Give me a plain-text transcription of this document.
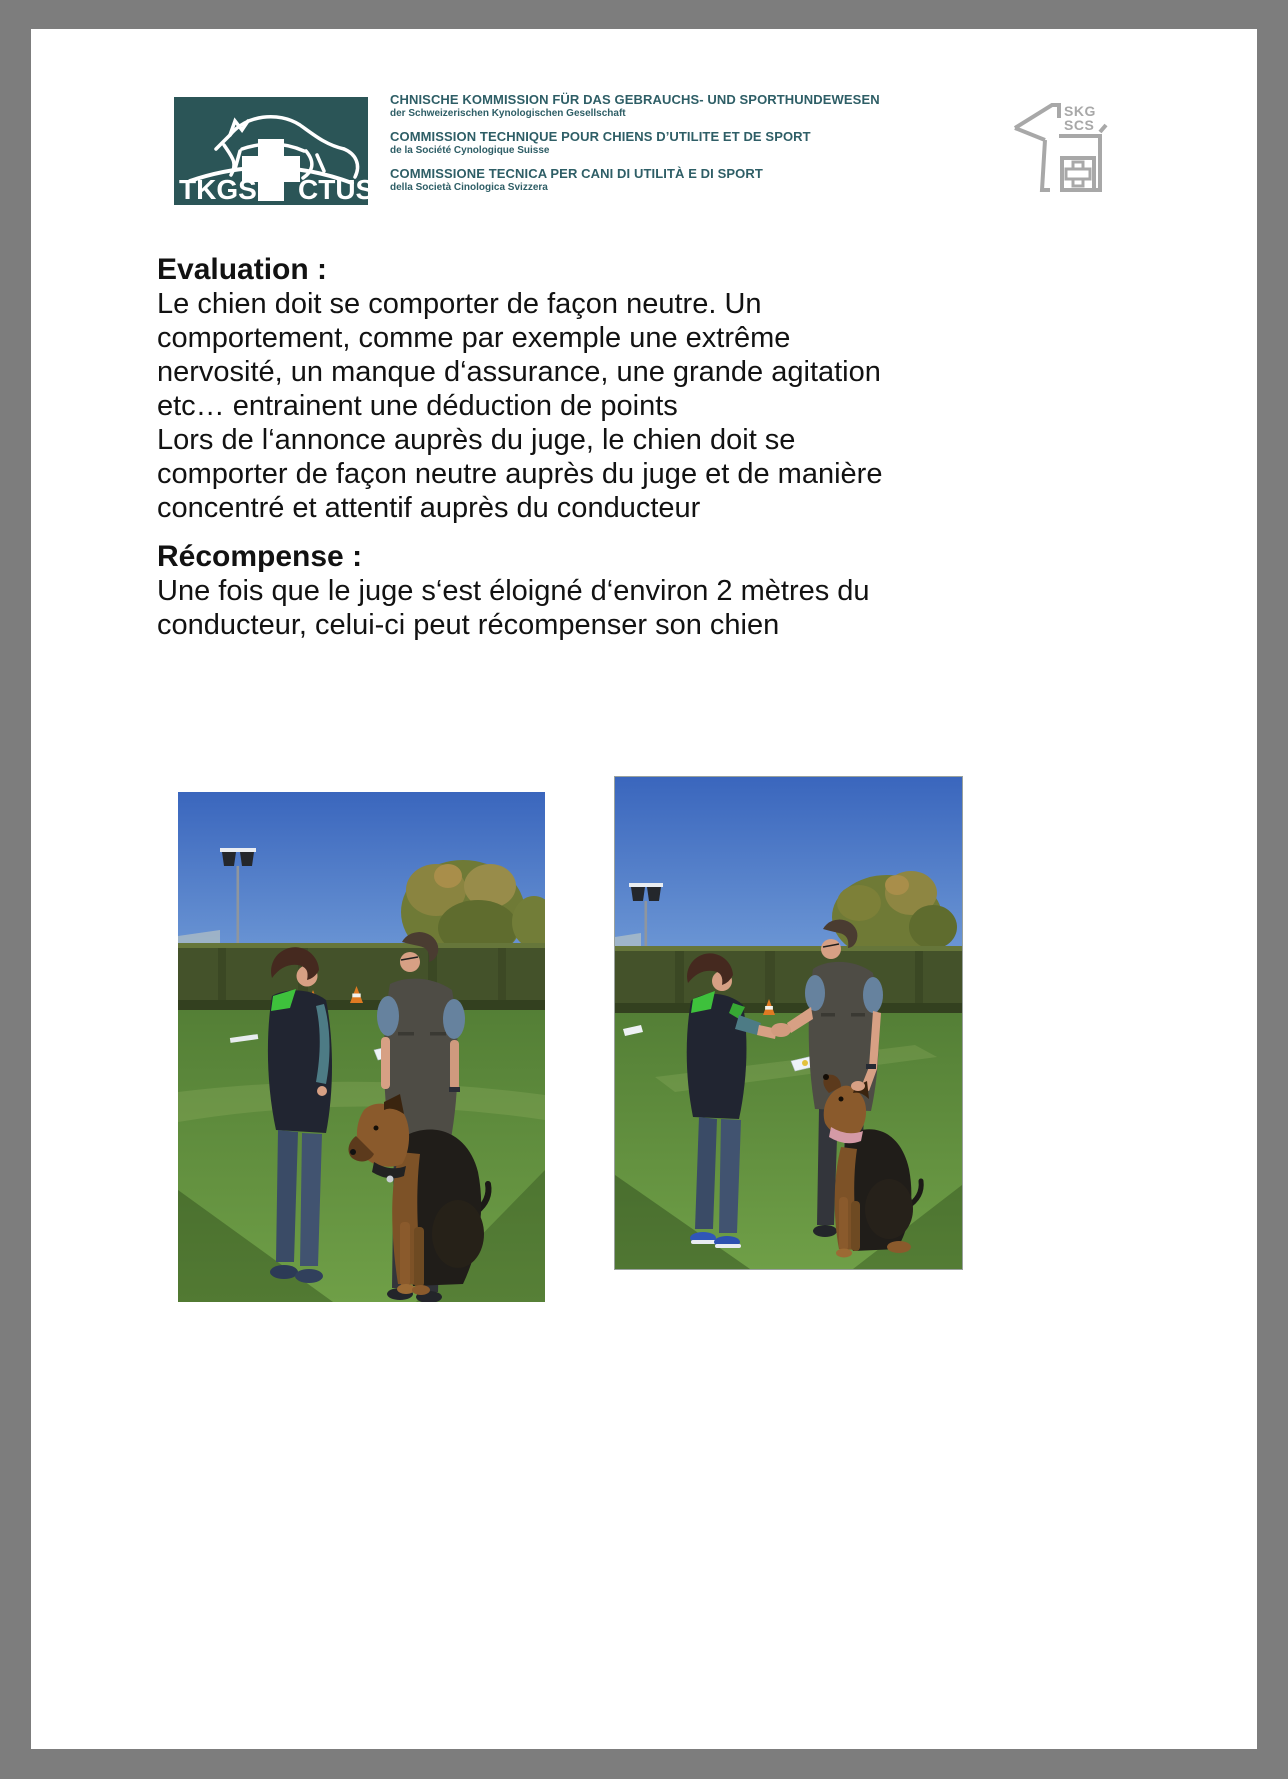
TKGS CTUS
CHNISCHE KOMMISSION FÜR DAS GEBRAUCHS- UND SPORTHUNDEWESEN
der Schweizerischen Kynologischen Gesellschaft
COMMISSION TECHNIQUE POUR CHIENS D’UTILITE ET DE SPORT
de la Société Cynologique Suisse
COMMISSIONE TECNICA PER CANI DI UTILITÀ E DI SPORT
della Società Cinologica Svizzera
SKG
SCS
Evaluation :
Le chien doit se comporter de façon neutre. Un
comportement, comme par exemple une extrême
nervosité, un manque d‘assurance, une grande agitation
etc… entrainent une déduction de points
Lors de l‘annonce auprès du juge, le chien doit se
comporter de façon neutre auprès du juge et de manière
concentré et attentif auprès du conducteur
Récompense :
Une fois que le juge s‘est éloigné d‘environ 2 mètres du
conducteur, celui-ci peut récompenser son chien
